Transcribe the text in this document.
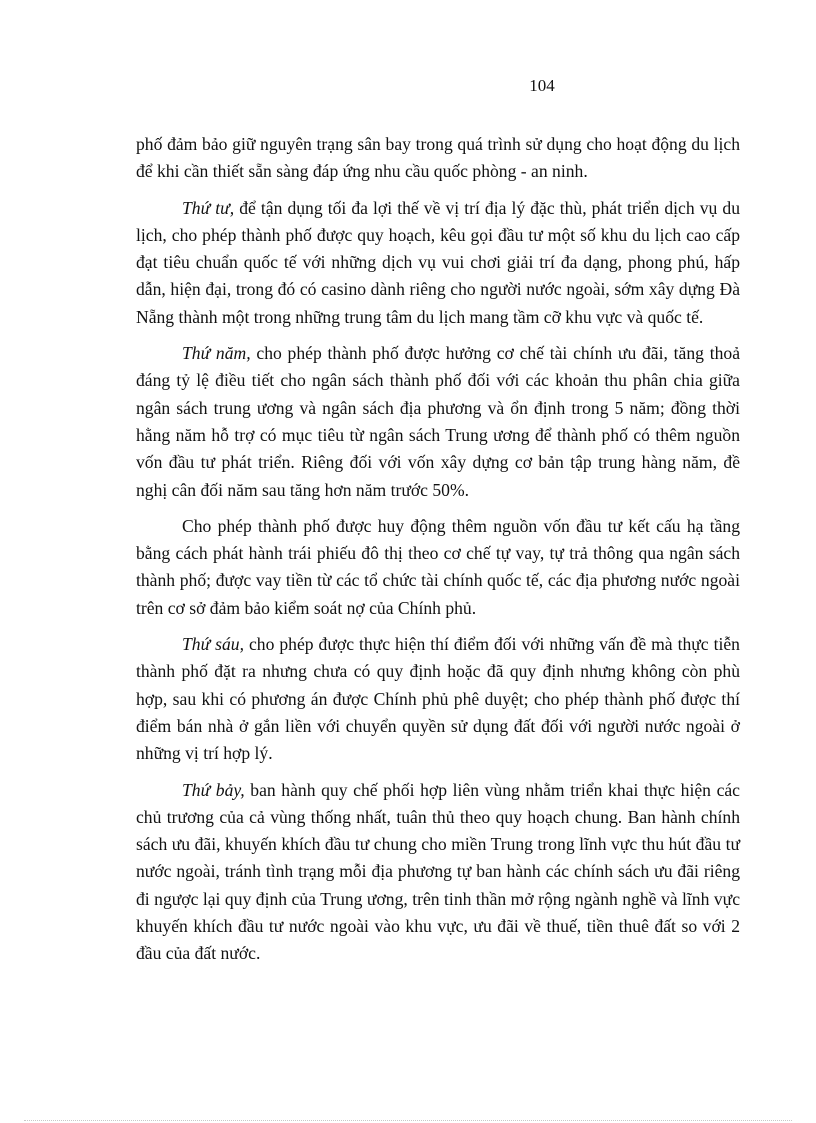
104

phố đảm bảo giữ nguyên trạng sân bay trong quá trình sử dụng cho hoạt động du lịch để khi cần thiết sẵn sàng đáp ứng nhu cầu quốc phòng - an ninh.

Thứ tư, để tận dụng tối đa lợi thế về vị trí địa lý đặc thù, phát triển dịch vụ du lịch, cho phép thành phố được quy hoạch, kêu gọi đầu tư một số khu du lịch cao cấp đạt tiêu chuẩn quốc tế với những dịch vụ vui chơi giải trí đa dạng, phong phú, hấp dẫn, hiện đại, trong đó có casino dành riêng cho người nước ngoài, sớm xây dựng Đà Nẵng thành một trong những trung tâm du lịch mang tầm cỡ khu vực và quốc tế.

Thứ năm, cho phép thành phố được hưởng cơ chế tài chính ưu đãi, tăng thoả đáng tỷ lệ điều tiết cho ngân sách thành phố đối với các khoản thu phân chia giữa ngân sách trung ương và ngân sách địa phương và ổn định trong 5 năm; đồng thời hằng năm hỗ trợ có mục tiêu từ ngân sách Trung ương để thành phố có thêm nguồn vốn đầu tư phát triển. Riêng đối với vốn xây dựng cơ bản tập trung hàng năm, đề nghị cân đối năm sau tăng hơn năm trước 50%.

Cho phép thành phố được huy động thêm nguồn vốn đầu tư kết cấu hạ tầng bằng cách phát hành trái phiếu đô thị theo cơ chế tự vay, tự trả thông qua ngân sách thành phố; được vay tiền từ các tổ chức tài chính quốc tế, các địa phương nước ngoài trên cơ sở đảm bảo kiểm soát nợ của Chính phủ.

Thứ sáu, cho phép được thực hiện thí điểm đối với những vấn đề mà thực tiễn thành phố đặt ra nhưng chưa có quy định hoặc đã quy định nhưng không còn phù hợp, sau khi có phương án được Chính phủ phê duyệt; cho phép thành phố được thí điểm bán nhà ở gắn liền với chuyển quyền sử dụng đất đối với người nước ngoài ở những vị trí hợp lý.

Thứ bảy, ban hành quy chế phối hợp liên vùng nhằm triển khai thực hiện các chủ trương của cả vùng thống nhất, tuân thủ theo quy hoạch chung. Ban hành chính sách ưu đãi, khuyến khích đầu tư chung cho miền Trung trong lĩnh vực thu hút đầu tư nước ngoài, tránh tình trạng mỗi địa phương tự ban hành các chính sách ưu đãi riêng đi ngược lại quy định của Trung ương, trên tinh thần mở rộng ngành nghề và lĩnh vực khuyến khích đầu tư nước ngoài vào khu vực, ưu đãi về thuế, tiền thuê đất so với 2 đầu của đất nước.
